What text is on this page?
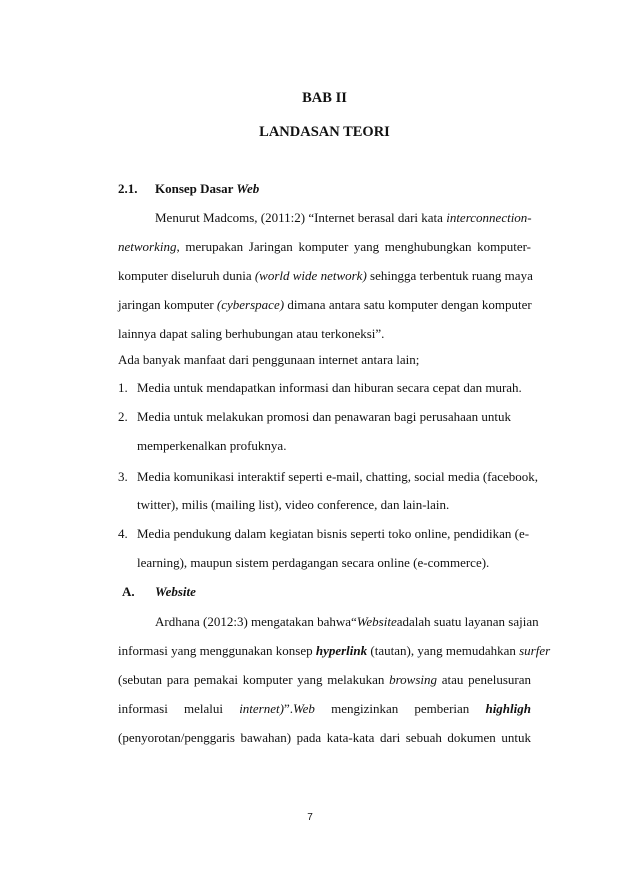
BAB II
LANDASAN TEORI
2.1. Konsep Dasar Web
Menurut Madcoms, (2011:2) “Internet berasal dari kata interconnection-
networking, merupakan Jaringan komputer yang menghubungkan komputer-
komputer diseluruh dunia (world wide network) sehingga terbentuk ruang maya
jaringan komputer (cyberspace) dimana antara satu komputer dengan komputer
lainnya dapat saling berhubungan atau terkoneksi”.
Ada banyak manfaat dari penggunaan internet antara lain;
1. Media untuk mendapatkan informasi dan hiburan secara cepat dan murah.
2. Media untuk melakukan promosi dan penawaran bagi perusahaan untuk
memperkenalkan profuknya.
3. Media komunikasi interaktif seperti e-mail, chatting, social media (facebook,
twitter), milis (mailing list), video conference, dan lain-lain.
4. Media pendukung dalam kegiatan bisnis seperti toko online, pendidikan (e-
learning), maupun sistem perdagangan secara online (e-commerce).
A. Website
Ardhana (2012:3) mengatakan bahwa“Websiteadalah suatu layanan sajian
informasi yang menggunakan konsep hyperlink (tautan), yang memudahkan surfer
(sebutan para pemakai komputer yang melakukan browsing atau penelusuran
informasi melalui internet)”.Web mengizinkan pemberian highligh
(penyorotan/penggaris bawahan) pada kata-kata dari sebuah dokumen untuk
7
